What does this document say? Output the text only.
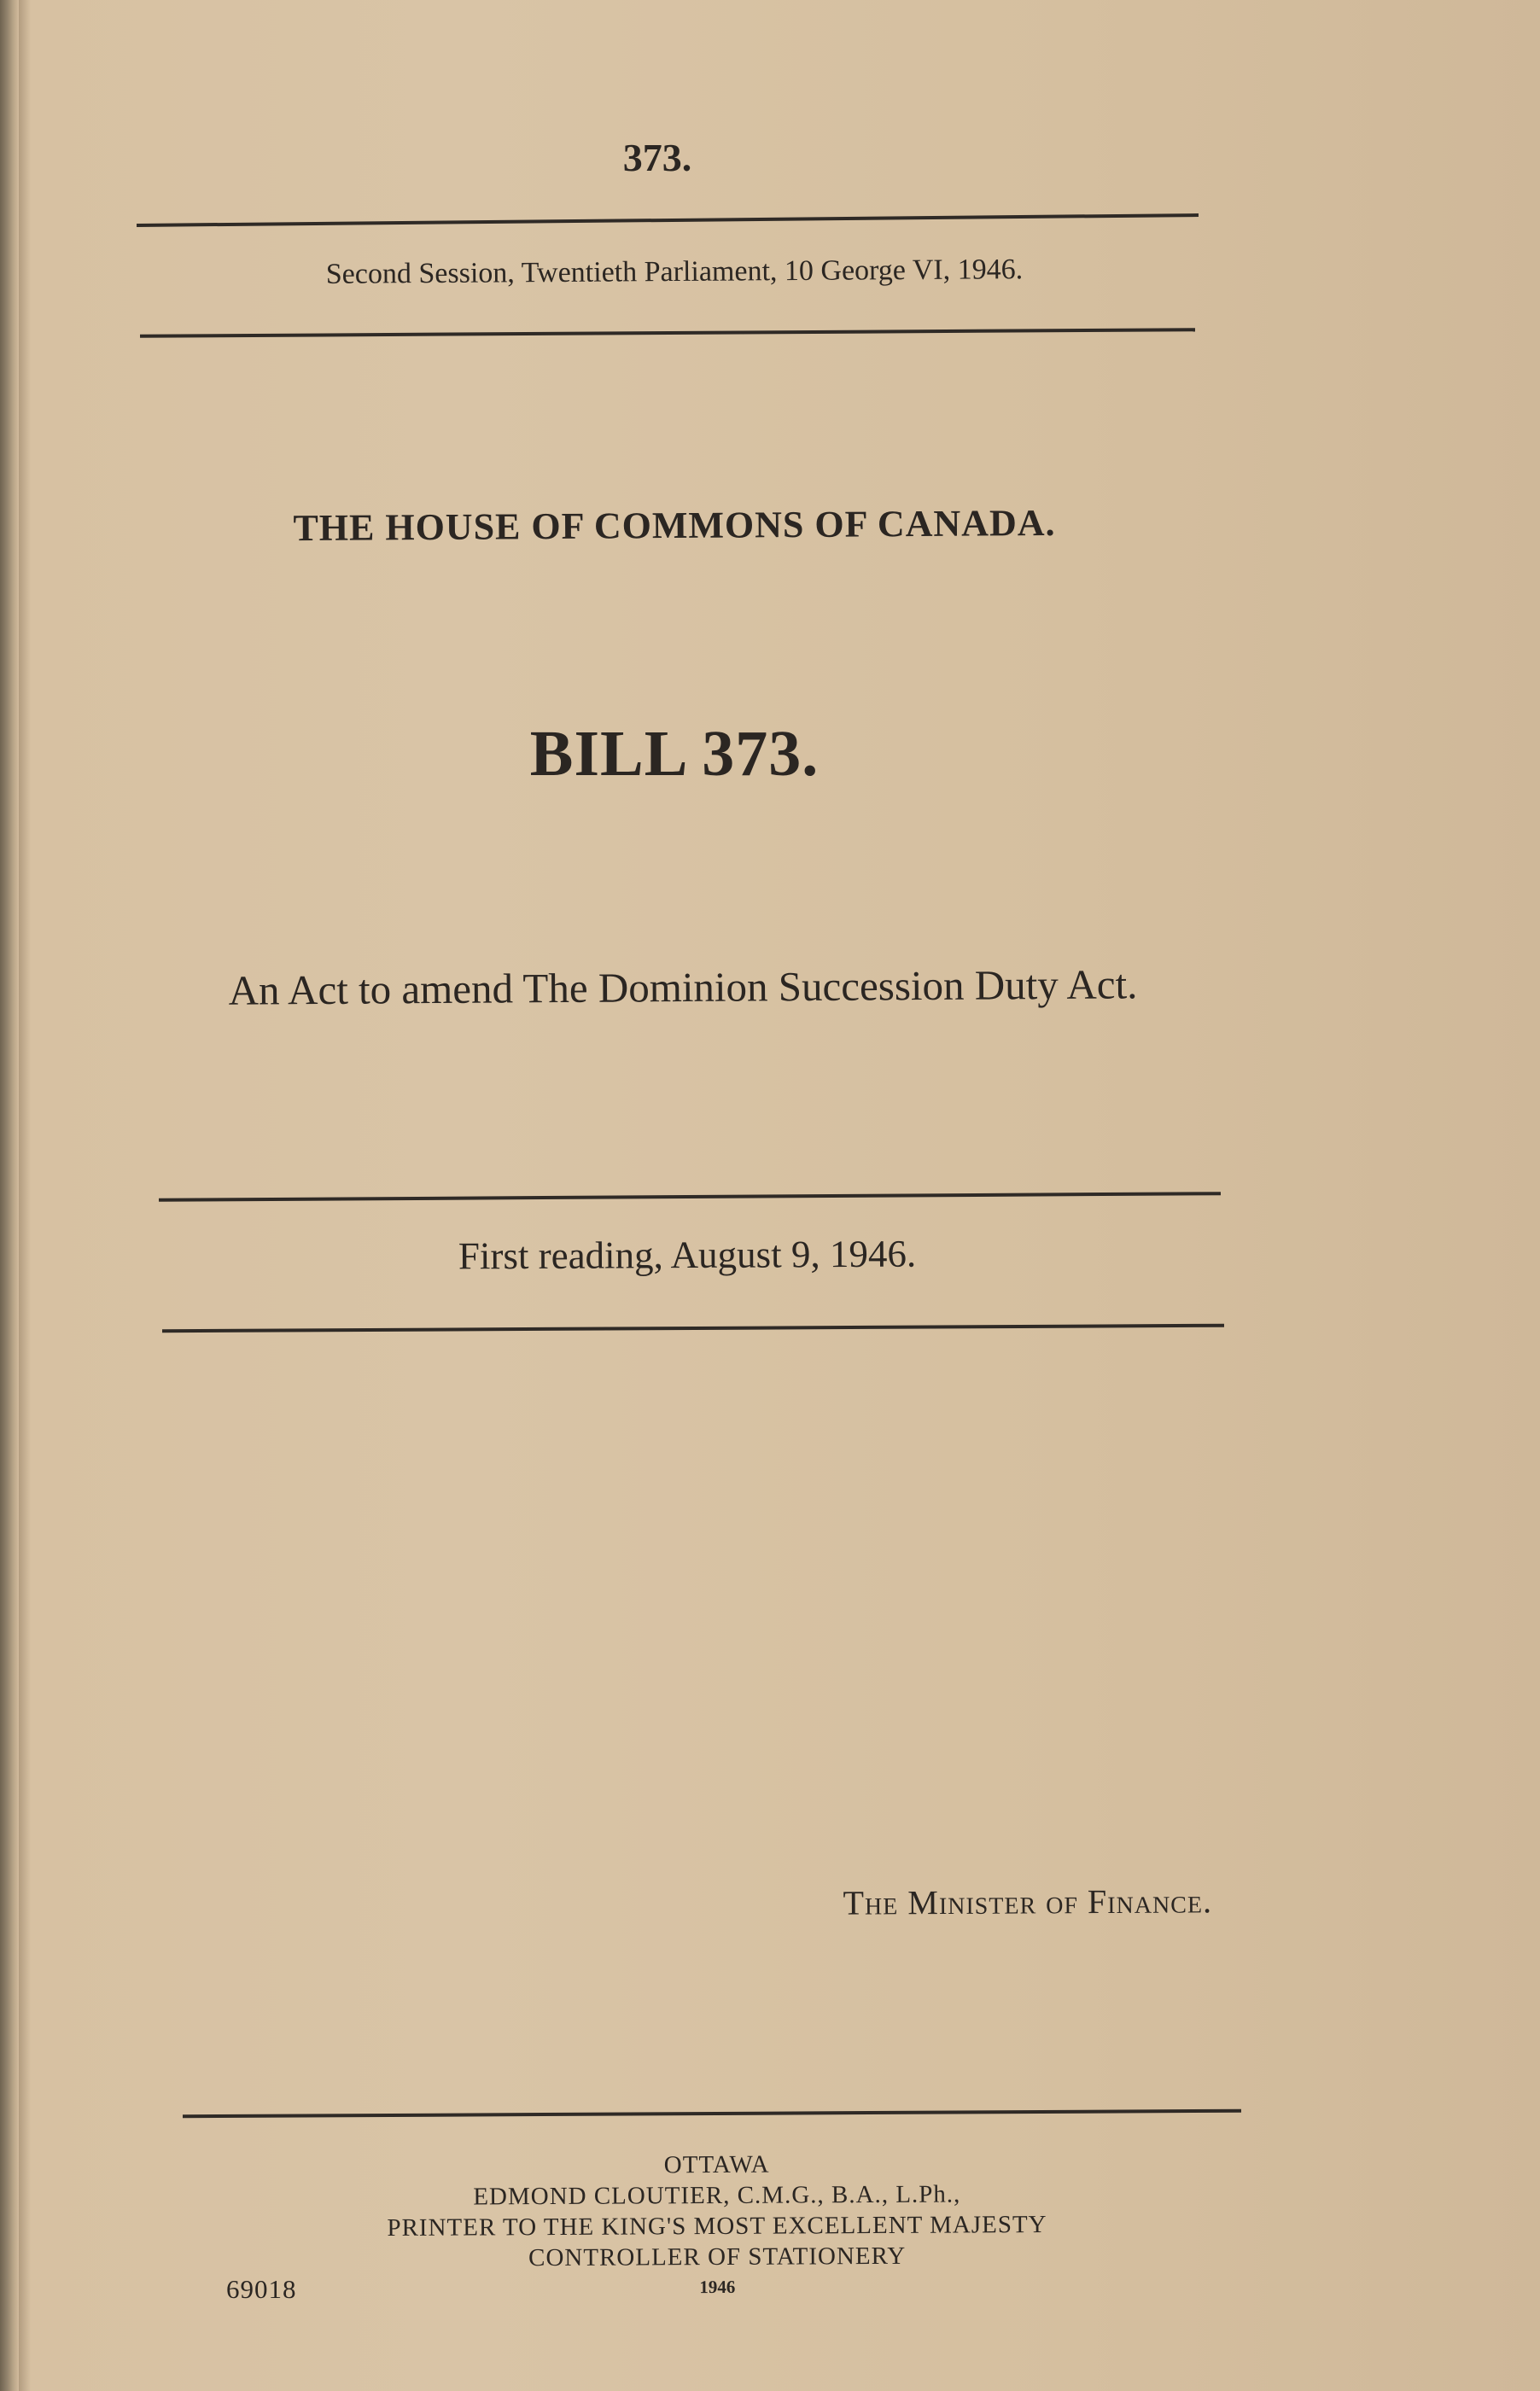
373.
Second Session, Twentieth Parliament, 10 George VI, 1946.
THE HOUSE OF COMMONS OF CANADA.
BILL 373.
An Act to amend The Dominion Succession Duty Act.
First reading, August 9, 1946.
The Minister of Finance.
OTTAWA
EDMOND CLOUTIER, C.M.G., B.A., L.Ph.,
PRINTER TO THE KING'S MOST EXCELLENT MAJESTY
CONTROLLER OF STATIONERY
1946
69018
